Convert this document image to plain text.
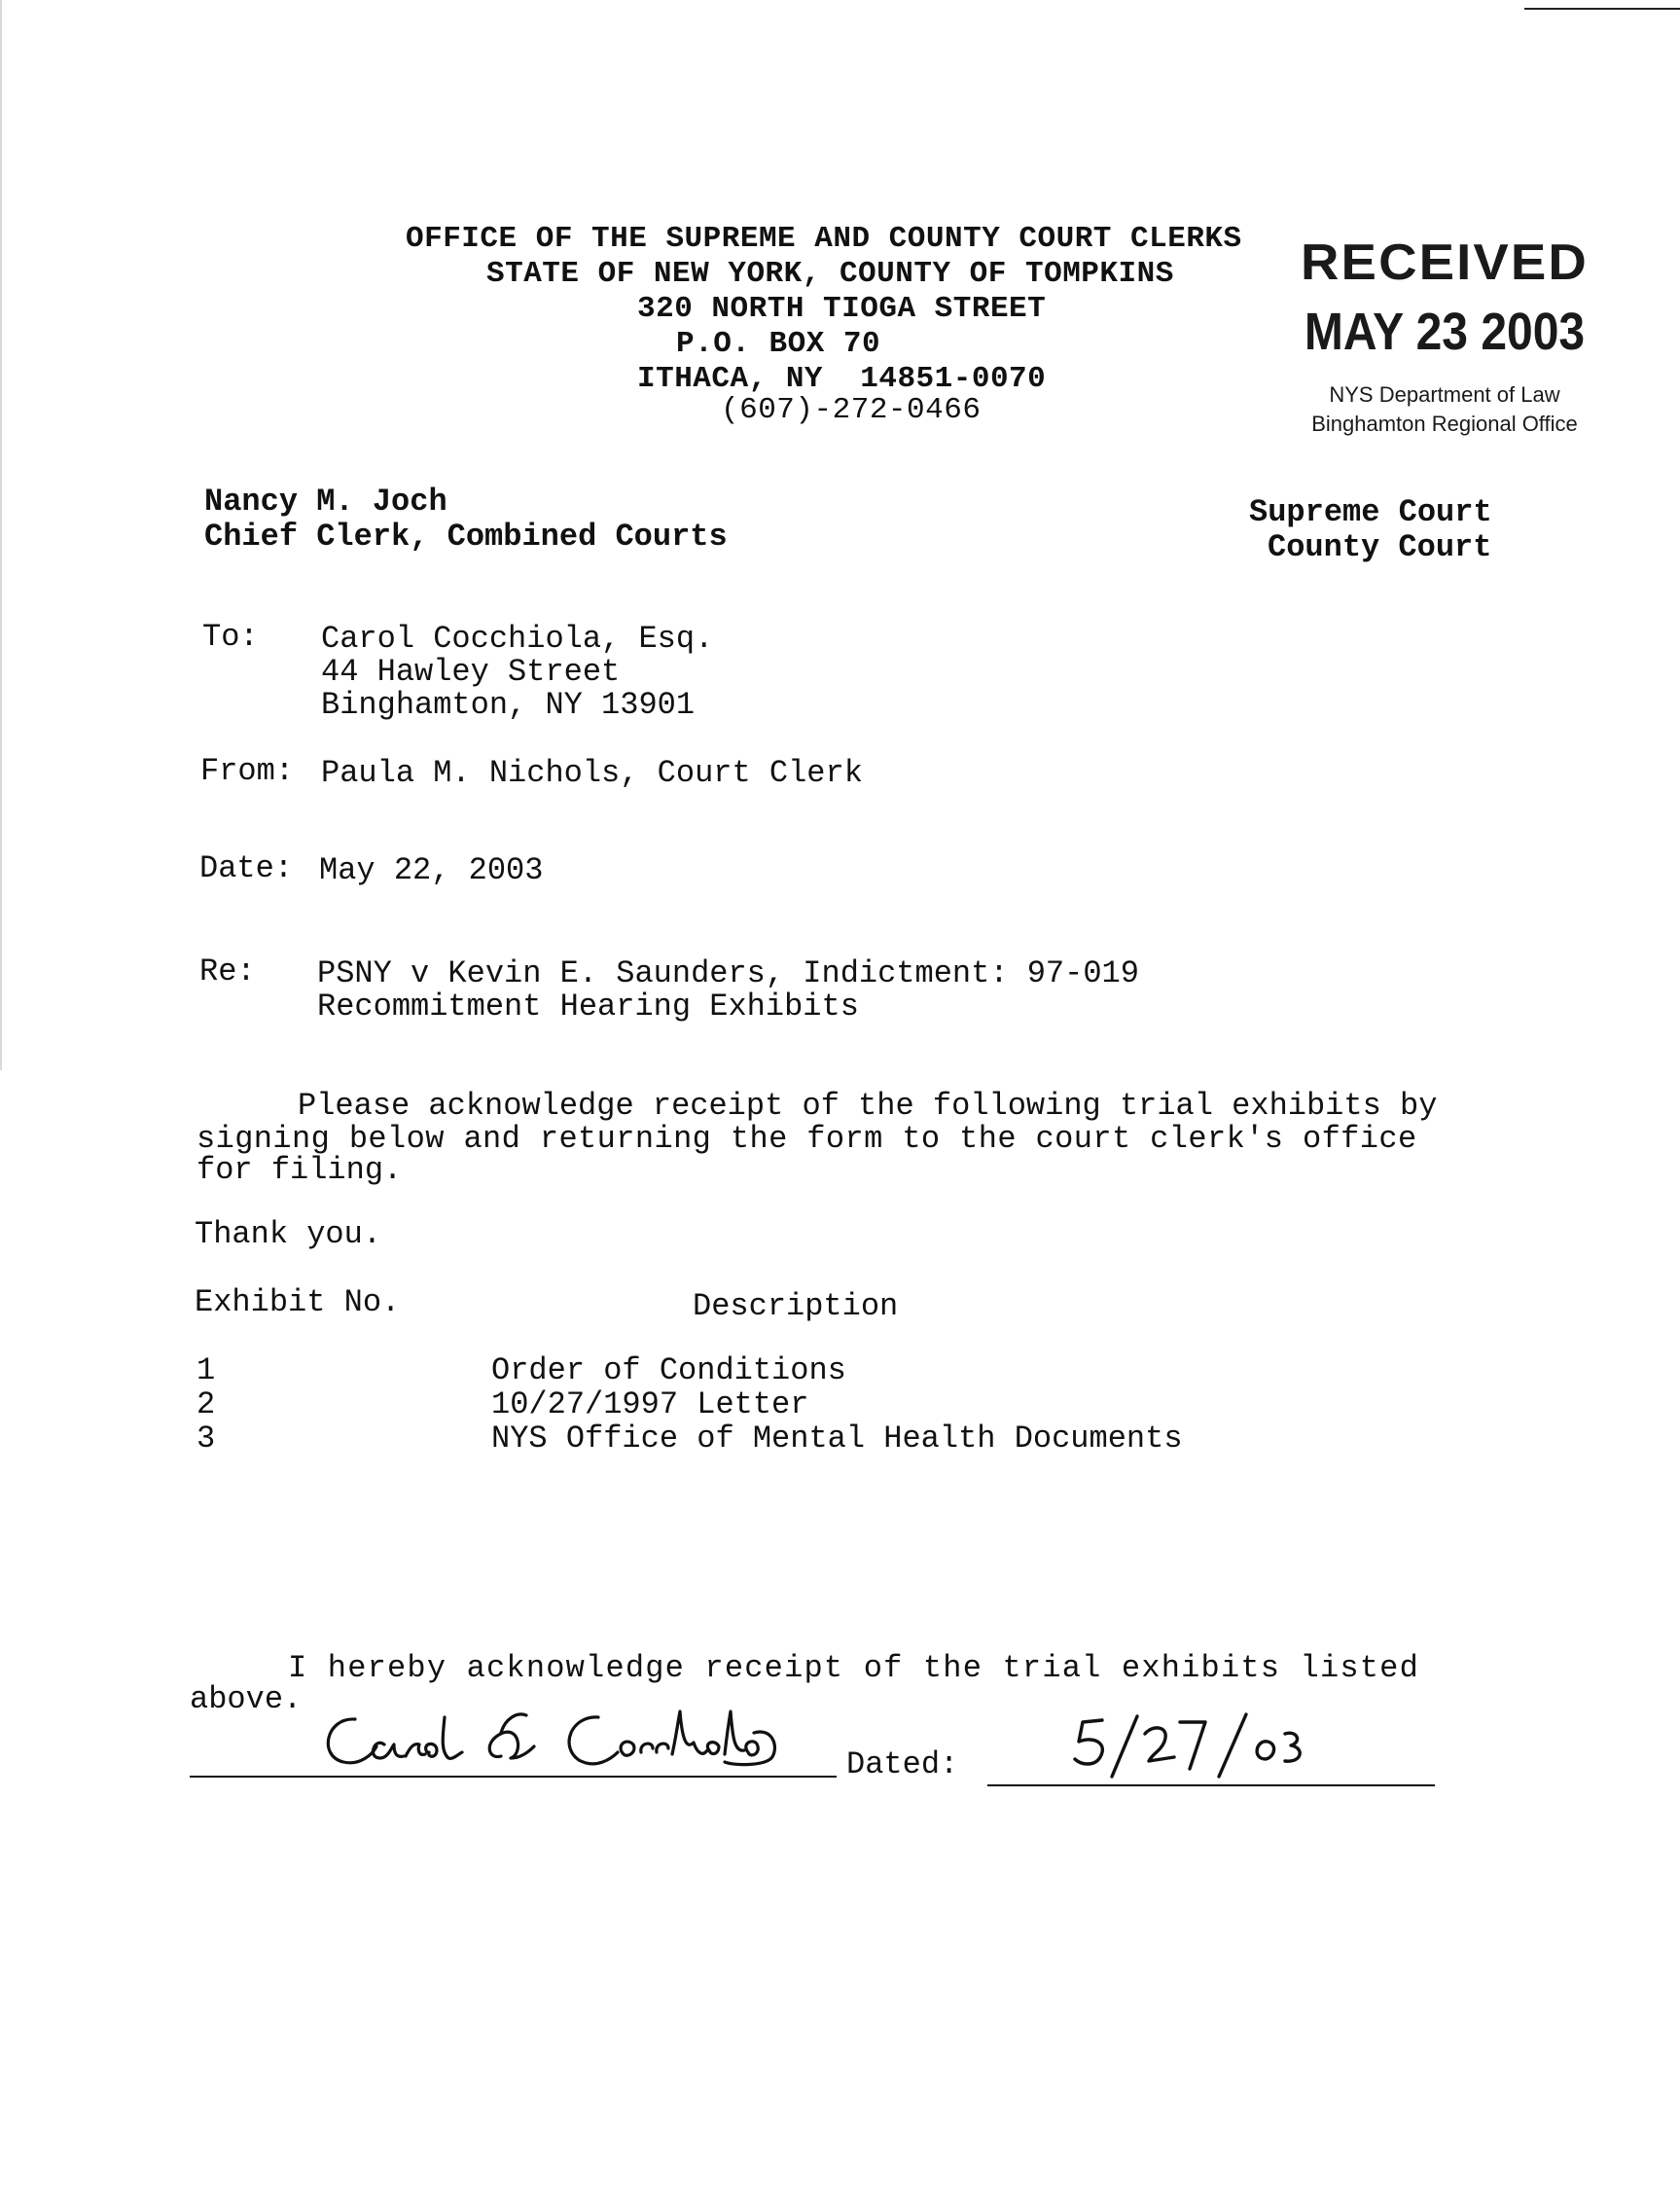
OFFICE OF THE SUPREME AND COUNTY COURT CLERKS

STATE OF NEW YORK, COUNTY OF TOMPKINS

320 NORTH TIOGA STREET

P.O. BOX 70

ITHACA, NY  14851-0070

(607)-272-0466

RECEIVED
MAY 23 2003
NYS Department of Law
Binghamton Regional Office
Nancy M. Joch
Chief Clerk, Combined Courts
Supreme Court
County Court
To: Carol Cocchiola, Esq.
44 Hawley Street
Binghamton, NY 13901
From: Paula M. Nichols, Court Clerk
Date: May 22, 2003
Re: PSNY v Kevin E. Saunders, Indictment: 97-019
Recommitment Hearing Exhibits
Please acknowledge receipt of the following trial exhibits by
signing below and returning the form to the court clerk's office
for filing.
Thank you.
Exhibit No.	Description
1	Order of Conditions
2	10/27/1997 Letter
3	NYS Office of Mental Health Documents
I hereby acknowledge receipt of the trial exhibits listed
above.
Dated:
